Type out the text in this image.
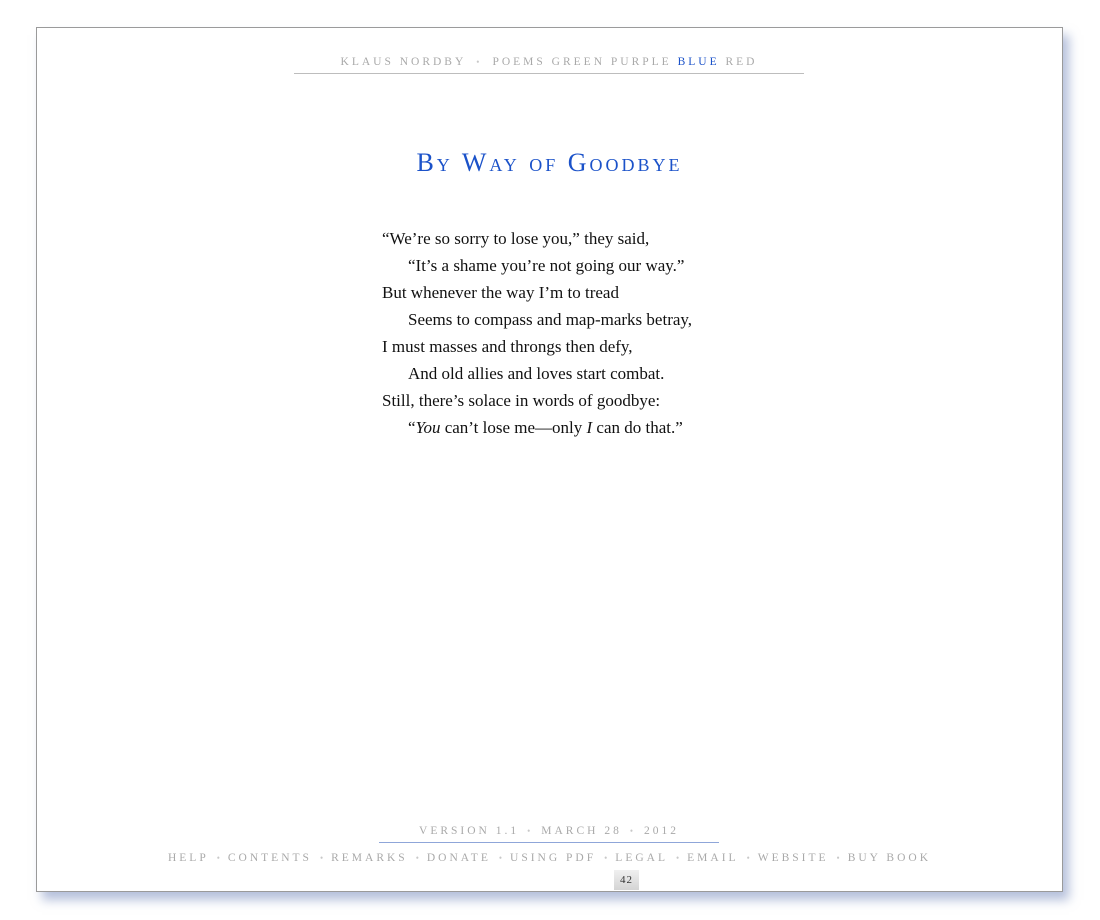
KLAUS NORDBY • POEMS GREEN PURPLE BLUE RED
By Way of Goodbye
“We’re so sorry to lose you,” they said,
“It’s a shame you’re not going our way.”
But whenever the way I’m to tread
Seems to compass and map-marks betray,
I must masses and throngs then defy,
And old allies and loves start combat.
Still, there’s solace in words of goodbye:
“You can’t lose me—only I can do that.”
VERSION 1.1 • MARCH 28 • 2012
HELP • CONTENTS • REMARKS • DONATE • USING PDF • LEGAL • EMAIL • WEBSITE • BUY BOOK
42
